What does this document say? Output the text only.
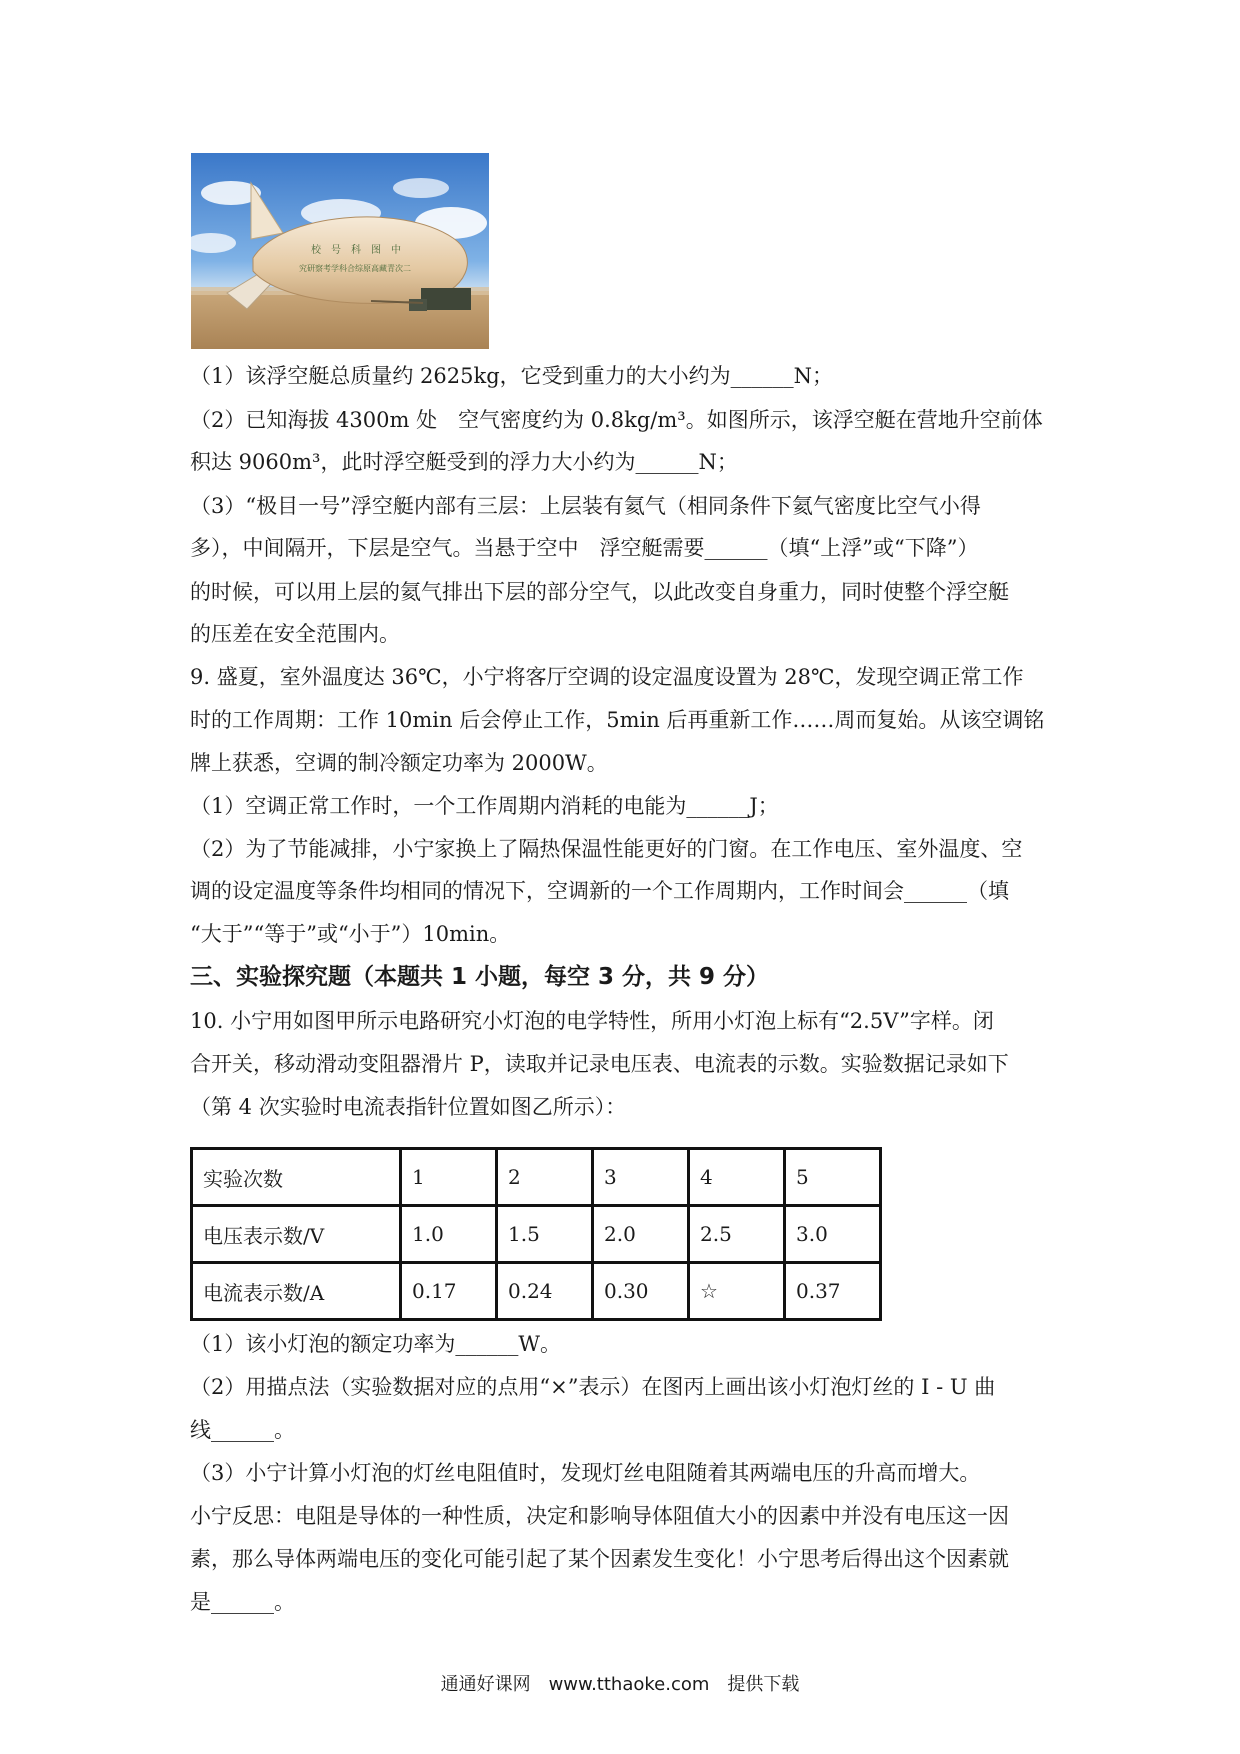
校　号　科　图　中
究研察考学科合综原高藏青次二
（1）该浮空艇总质量约 2625kg，它受到重力的大小约为______N；
（2）已知海拔 4300m 处　空气密度约为 0.8kg/m³。如图所示，该浮空艇在营地升空前体
积达 9060m³，此时浮空艇受到的浮力大小约为______N；
（3）“极目一号”浮空艇内部有三层：上层装有氦气（相同条件下氦气密度比空气小得
多），中间隔开，下层是空气。当悬于空中　浮空艇需要______（填“上浮”或“下降”）
的时候，可以用上层的氦气排出下层的部分空气，以此改变自身重力，同时使整个浮空艇
的压差在安全范围内。
9. 盛夏，室外温度达 36℃，小宁将客厅空调的设定温度设置为 28℃，发现空调正常工作
时的工作周期：工作 10min 后会停止工作，5min 后再重新工作……周而复始。从该空调铭
牌上获悉，空调的制冷额定功率为 2000W。
（1）空调正常工作时，一个工作周期内消耗的电能为______J；
（2）为了节能减排，小宁家换上了隔热保温性能更好的门窗。在工作电压、室外温度、空
调的设定温度等条件均相同的情况下，空调新的一个工作周期内，工作时间会______（填
“大于”“等于”或“小于”）10min。
三、实验探究题（本题共 1 小题，每空 3 分，共 9 分）
10. 小宁用如图甲所示电路研究小灯泡的电学特性，所用小灯泡上标有“2.5V”字样。闭
合开关，移动滑动变阻器滑片 P，读取并记录电压表、电流表的示数。实验数据记录如下
（第 4 次实验时电流表指针位置如图乙所示）：
实验次数	1	2	3	4	5
电压表示数/V	1.0	1.5	2.0	2.5	3.0
电流表示数/A	0.17	0.24	0.30	☆	0.37
（1）该小灯泡的额定功率为______W。
（2）用描点法（实验数据对应的点用“×”表示）在图丙上画出该小灯泡灯丝的 I - U 曲
线______。
（3）小宁计算小灯泡的灯丝电阻值时，发现灯丝电阻随着其两端电压的升高而增大。
小宁反思：电阻是导体的一种性质，决定和影响导体阻值大小的因素中并没有电压这一因
素，那么导体两端电压的变化可能引起了某个因素发生变化！小宁思考后得出这个因素就
是______。
通通好课网　www.tthaoke.com　提供下载
